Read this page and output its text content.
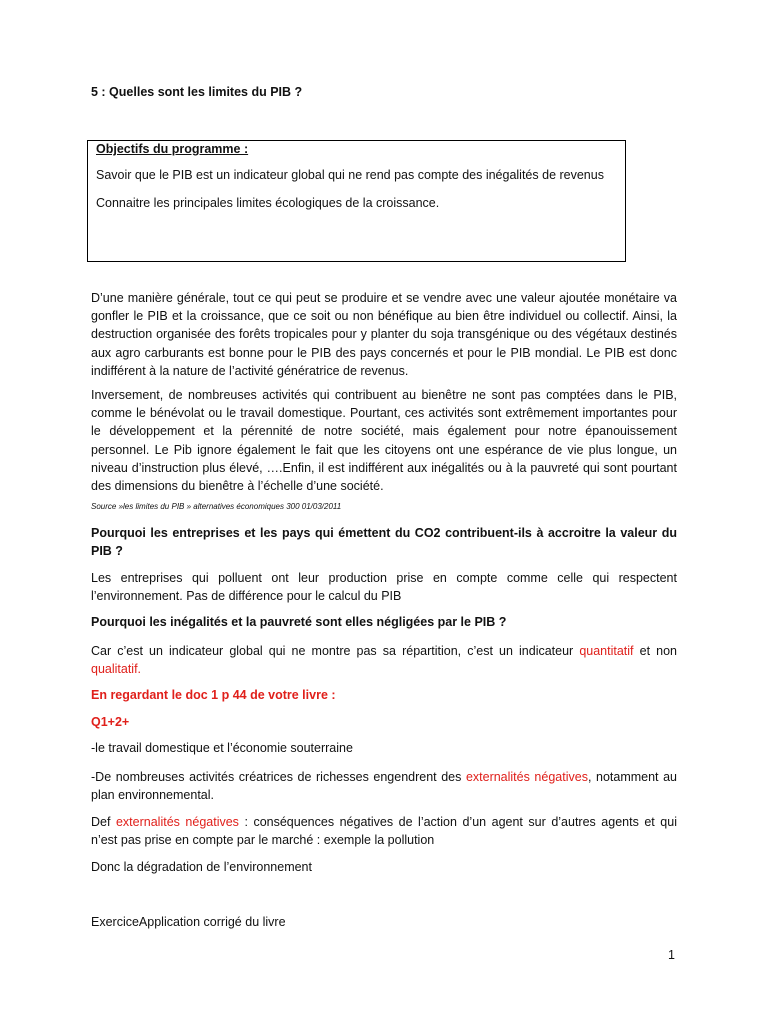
5 : Quelles sont les limites du PIB ?
Objectifs du programme :
Savoir que le PIB est un indicateur global qui ne rend pas compte des inégalités de revenus
Connaitre les principales limites écologiques de la croissance.
D’une manière générale, tout ce qui peut se produire et se vendre avec une valeur ajoutée monétaire va gonfler le PIB et la croissance, que ce soit ou non bénéfique au bien être individuel ou collectif. Ainsi, la destruction organisée des forêts tropicales pour y planter du soja transgénique ou des végétaux destinés aux agro carburants est bonne pour le PIB des pays concernés et pour le PIB mondial. Le PIB est donc indifférent à la nature de l’activité génératrice de revenus.
Inversement, de nombreuses activités qui contribuent au bienêtre ne sont pas comptées dans le PIB, comme le bénévolat ou le travail domestique. Pourtant, ces activités sont extrêmement importantes pour le développement et la pérennité de notre société, mais également pour notre épanouissement personnel. Le Pib ignore également le fait que les citoyens ont une espérance de vie plus longue, un niveau d’instruction plus élevé, ….Enfin, il est indifférent aux inégalités ou à la pauvreté qui sont pourtant des dimensions du bienêtre à l’échelle d’une société.
Source »les limites du PIB » alternatives économiques 300 01/03/2011
Pourquoi les entreprises et les pays qui émettent du CO2 contribuent-ils à accroitre la valeur du PIB ?
Les entreprises qui polluent ont leur production prise en compte comme celle qui respectent l’environnement. Pas de différence pour le calcul du PIB
Pourquoi les inégalités et la pauvreté sont elles négligées par le PIB ?
Car c’est un indicateur global qui ne montre pas sa répartition, c’est un indicateur quantitatif et non qualitatif.
En regardant le doc 1 p 44 de votre livre :
Q1+2+
-le travail domestique et l’économie souterraine
-De nombreuses activités créatrices de richesses engendrent des externalités négatives, notamment au plan environnemental.
Def externalités négatives : conséquences négatives de l’action d’un agent sur d’autres agents et qui n’est pas prise en compte par le marché : exemple la pollution
Donc la dégradation de l’environnement
ExerciceApplication corrigé du livre
1
